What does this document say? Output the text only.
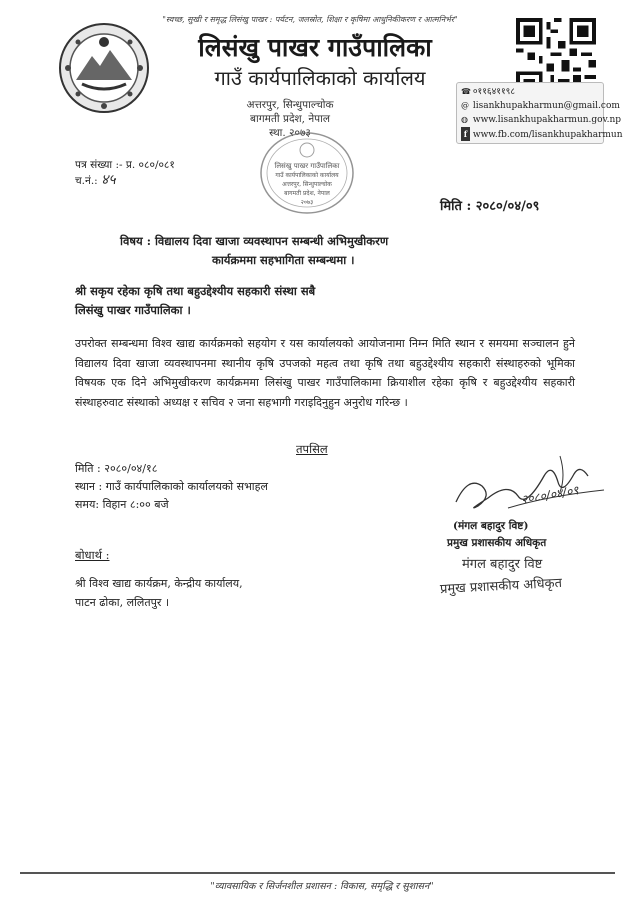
"स्वच्छ, सुखी र समृद्ध लिसंखु पाखर : पर्यटन, जलस्रोत, शिक्षा र कृषिमा आधुनिकीकरण र आत्मनिर्भर"
लिसंखु पाखर गाउँपालिका
गाउँ कार्यपालिकाको कार्यालय
अत्तरपुर, सिन्धुपाल्चोक
बागमती प्रदेश, नेपाल
स्था. २०७३
☎ ०११६४११९८
@ lisankhupakharmun@gmail.com
◍ www.lisankhupakharmun.gov.np
f www.fb.com/lisankhupakharmun
लिसंखु पाखर गाउँपालिका
गाउँ कार्यपालिकाको कार्यालय
अत्तरपुर, सिन्धुपाल्चोक
बागमती प्रदेश, नेपाल
२०७३
पत्र संख्या :- प्र. ०८०/०८१
च.नं.: ४५
मिति : २०८०/०४/०९
विषय : विद्यालय दिवा खाजा व्यवस्थापन सम्बन्धी अभिमुखीकरण
कार्यक्रममा सहभागिता सम्बन्धमा ।
श्री सकृय रहेका कृषि तथा बहुउद्देश्यीय सहकारी संस्था सबै
लिसंखु पाखर गाउँपालिका ।
उपरोक्त सम्बन्धमा विश्व खाद्य कार्यक्रमको सहयोग र यस कार्यालयको आयोजनामा निम्न मिति स्थान र समयमा सञ्चालन हुने विद्यालय दिवा खाजा व्यवस्थापनमा स्थानीय कृषि उपजको महत्व तथा कृषि तथा बहुउद्देश्यीय सहकारी संस्थाहरुको भूमिका विषयक एक दिने अभिमुखीकरण कार्यक्रममा लिसंखु पाखर गाउँपालिकामा क्रियाशील रहेका कृषि र बहुउद्देश्यीय सहकारी संस्थाहरुवाट संस्थाको अध्यक्ष र सचिव २ जना सहभागी गराइदिनुहुन अनुरोध गरिन्छ ।
तपसिल
मिति : २०८०/०४/१८
स्थान : गाउँ कार्यपालिकाको कार्यालयको सभाहल
समय: विहान ८:०० बजे	२०८०/०४/०९
(मंगल बहादुर विष्ट)
प्रमुख प्रशासकीय अधिकृत
मंगल बहादुर विष्ट
प्रमुख प्रशासकीय अधिकृत
बोधार्थ :
श्री विश्व खाद्य कार्यक्रम, केन्द्रीय कार्यालय,
पाटन ढोका, ललितपुर ।
"व्यावसायिक र सिर्जनशील प्रशासन : विकास, समृद्धि र सुशासन"
